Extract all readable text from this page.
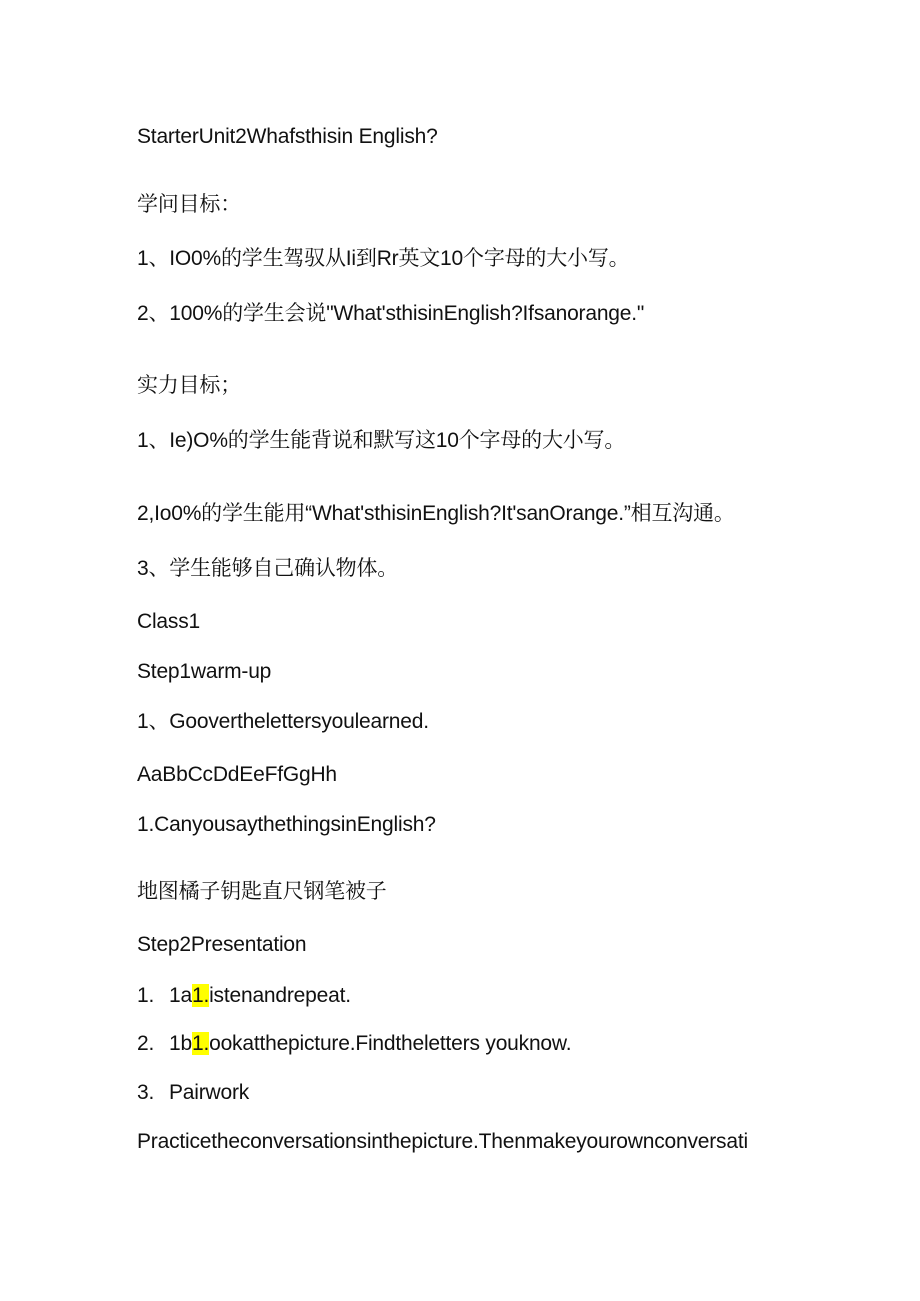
StarterUnit2Whafsthisin English?
学问目标：
1、IO0%的学生驾驭从Ii到Rr英文10个字母的大小写。
2、100%的学生会说"What'sthisinEnglish?Ifsanorange."
实力目标；
1、Ie)O%的学生能背说和默写这10个字母的大小写。
2,Io0%的学生能用“What'sthisinEnglish?It'sanOrange.”相互沟通。
3、学生能够自己确认物体。
Class1
Step1warm-up
1、Gooverthelettersyoulearned.
AaBbCcDdEeFfGgHh
1.CanyousaythethingsinEnglish?
地图橘子钥匙直尺钢笔被子
Step2Presentation
1. 1a1.istenandrepeat.
2. 1b1.ookatthepicture.Findtheletters youknow.
3. Pairwork
Practicetheconversationsinthepicture.Thenmakeyourownconversati
